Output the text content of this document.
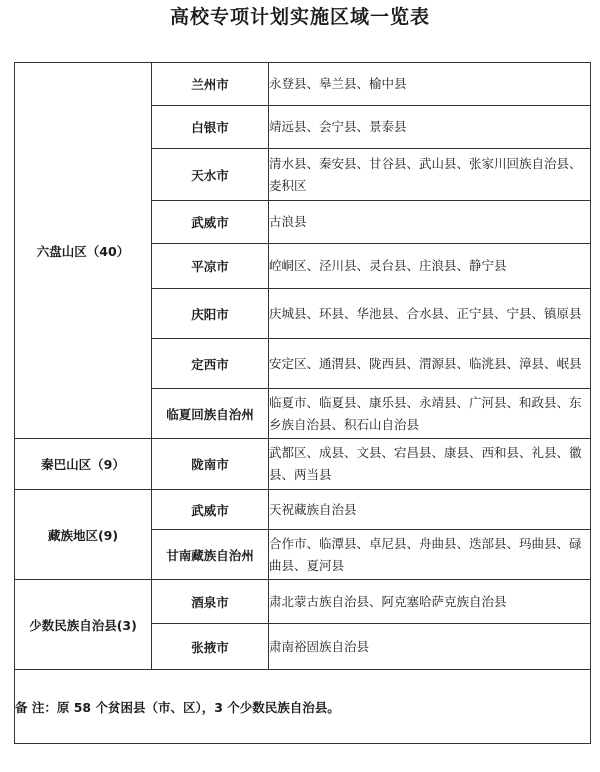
高校专项计划实施区域一览表
六盘山区（40）	兰州市	永登县、皋兰县、榆中县
	白银市	靖远县、会宁县、景泰县
	天水市	清水县、秦安县、甘谷县、武山县、张家川回族自治县、麦积区
	武威市	古浪县
	平凉市	崆峒区、泾川县、灵台县、庄浪县、静宁县
	庆阳市	庆城县、环县、华池县、合水县、正宁县、宁县、镇原县
	定西市	安定区、通渭县、陇西县、渭源县、临洮县、漳县、岷县
	临夏回族自治州	临夏市、临夏县、康乐县、永靖县、广河县、和政县、东乡族自治县、积石山自治县
秦巴山区（9）	陇南市	武都区、成县、文县、宕昌县、康县、西和县、礼县、徽县、两当县
藏族地区(9)	武威市	天祝藏族自治县
	甘南藏族自治州	合作市、临潭县、卓尼县、舟曲县、迭部县、玛曲县、碌曲县、夏河县
少数民族自治县(3)	酒泉市	肃北蒙古族自治县、阿克塞哈萨克族自治县
	张掖市	肃南裕固族自治县
备 注：原 58 个贫困县（市、区），3 个少数民族自治县。		
